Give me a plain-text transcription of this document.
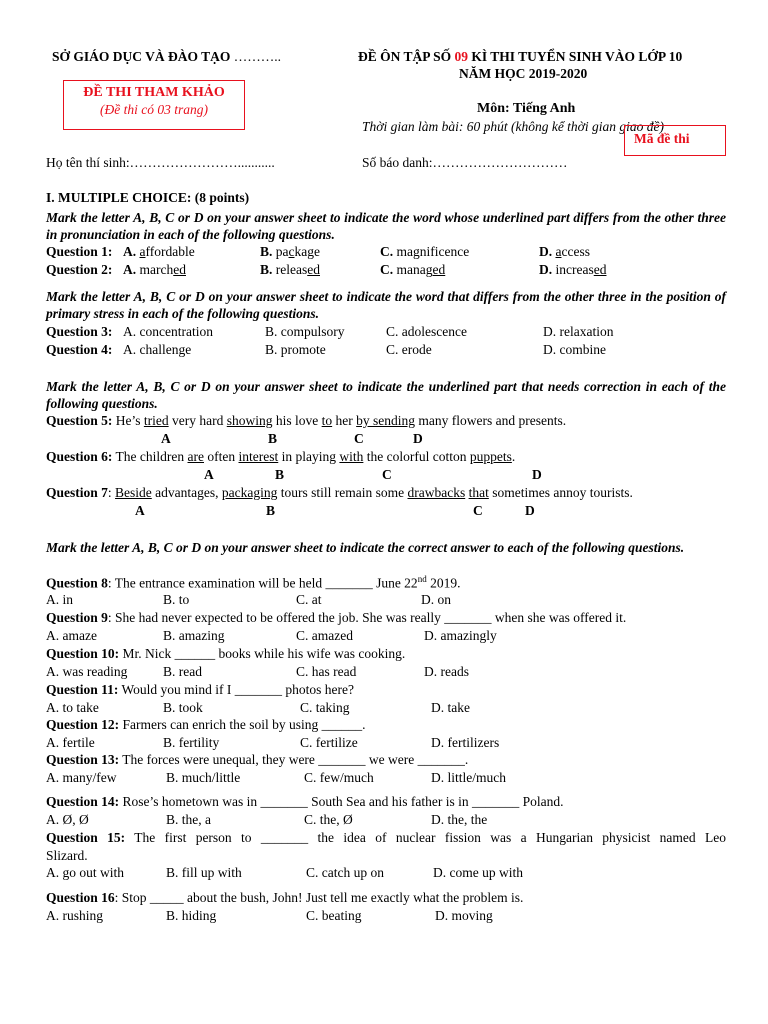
SỞ GIÁO DỤC VÀ ĐÀO TẠO ………..	ĐỀ ÔN TẬP SỐ 09 KÌ THI TUYỂN SINH VÀO LỚP 10
NĂM HỌC 2019-2020
ĐỀ THI THAM KHẢO
(Đề thi có 03 trang)	Môn: Tiếng Anh
Thời gian làm bài: 60 phút (không kể thời gian giao đề)
Mã đề thi
Họ tên thí sinh:……………………...........	Số báo danh:…………………………
I. MULTIPLE CHOICE: (8 points)
Mark the letter A, B, C or D on your answer sheet to indicate the word whose underlined part differs from the other three in pronunciation in each of the following questions.
Question 1: A. affordable	B. package	C. magnificence	D. access
Question 2: A. marched	B. released	C. managed	D. increased
Mark the letter A, B, C or D on your answer sheet to indicate the word that differs from the other three in the position of primary stress in each of the following questions.
Question 3: A. concentration	B. compulsory	C. adolescence	D. relaxation
Question 4: A. challenge	B. promote	C. erode	D. combine
Mark the letter A, B, C or D on your answer sheet to indicate the underlined part that needs correction in each of the following questions.
Question 5: He’s tried very hard showing his love to her by sending many flowers and presents.
A	B	C	D
Question 6: The children are often interest in playing with the colorful cotton puppets.
A	B	C	D
Question 7: Beside advantages, packaging tours still remain some drawbacks that sometimes annoy tourists.
A	B	C	D
Mark the letter A, B, C or D on your answer sheet to indicate the correct answer to each of the following questions.
Question 8: The entrance examination will be held _______ June 22nd 2019.
A. in	B. to	C. at	D. on
Question 9: She had never expected to be offered the job. She was really _______ when she was offered it.
A. amaze	B. amazing	C. amazed	D. amazingly
Question 10: Mr. Nick ______ books while his wife was cooking.
A. was reading	B. read	C. has read	D. reads
Question 11: Would you mind if I _______ photos here?
A. to take	B. took	C. taking	D. take
Question 12: Farmers can enrich the soil by using ______.
A. fertile	B. fertility	C. fertilize	D. fertilizers
Question 13: The forces were unequal, they were _______ we were _______.
A. many/few	B. much/little	C. few/much	D. little/much
Question 14: Rose’s hometown was in _______ South Sea and his father is in _______ Poland.
A. Ø, Ø	B. the, a	C. the, Ø	D. the, the
Question 15: The first person to _______ the idea of nuclear fission was a Hungarian physicist named Leo
Slizard.
A. go out with	B. fill up with	C. catch up on	D. come up with
Question 16: Stop _____ about the bush, John! Just tell me exactly what the problem is.
A. rushing	B. hiding	C. beating	D. moving
